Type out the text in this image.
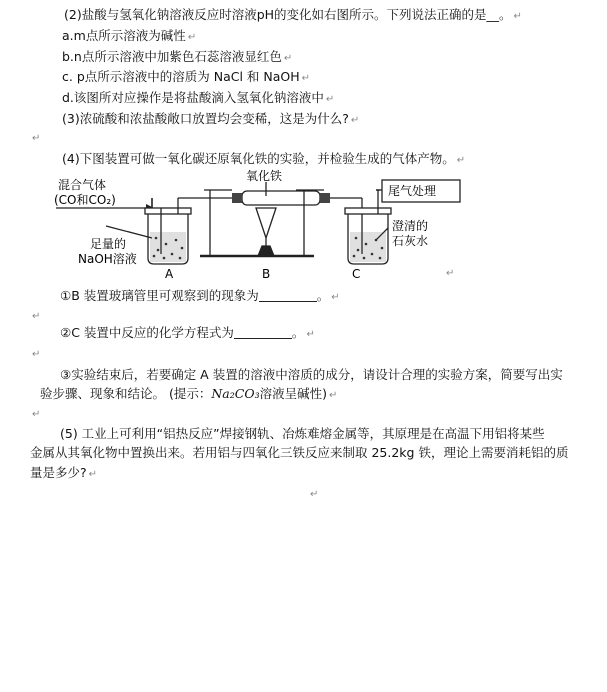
(2)盐酸与氢氧化钠溶液反应时溶液pH的变化如右图所示。下列说法正确的是__。 ↵
a.m点所示溶液为碱性 ↵
b.n点所示溶液中加紫色石蕊溶液显红色 ↵
c. p点所示溶液中的溶质为 NaCl 和 NaOH ↵
d.该图所对应操作是将盐酸滴入氢氧化钠溶液中 ↵
(3)浓硫酸和浓盐酸敞口放置均会变稀，这是为什么? ↵
↵
(4)下图装置可做一氧化碳还原氧化铁的实验，并检验生成的气体产物。 ↵
混合气体
(CO和CO₂)
氧化铁
尾气处理
足量的
NaOH溶液
澄清的
石灰水
A	B	C	↵
①B 装置玻璃管里可观察到的现象为	。 ↵
↵
②C 装置中反应的化学方程式为	。 ↵
↵
③实验结束后，若要确定 A 装置的溶液中溶质的成分，请设计合理的实验方案，简要写出实
验步骤、现象和结论。 (提示：Na₂CO₃溶液呈碱性) ↵
↵
(5) 工业上可利用“铝热反应”焊接钢轨、冶炼难熔金属等，其原理是在高温下用铝将某些
金属从其氧化物中置换出来。若用铝与四氧化三铁反应来制取 25.2kg 铁，理论上需要消耗铝的质
量是多少? ↵
↵
